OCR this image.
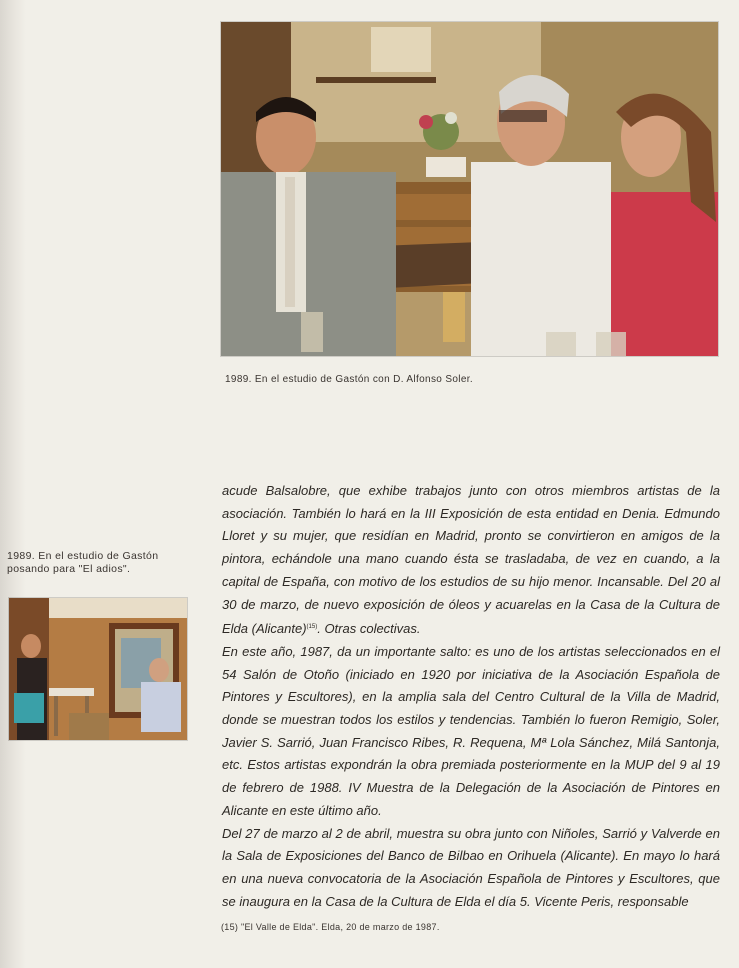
1989. En el estudio de Gastón con D. Alfonso Soler.
1989. En el estudio de Gastón
posando para "El adios".

acude Balsalobre, que exhibe trabajos junto con otros miembros artistas de la asociación. También lo hará en la III Exposición de esta entidad en Denia. Edmundo Lloret y su mujer, que residían en Madrid, pronto se convirtieron en amigos de la pintora, echándole una mano cuando ésta se trasladaba, de vez en cuando, a la capital de España, con motivo de los estudios de su hijo menor. Incansable. Del 20 al 30 de marzo, de nuevo exposición de óleos y acuarelas en la Casa de la Cultura de Elda (Alicante)$^{(15)}$. Otras colectivas.

En este año, 1987, da un importante salto: es uno de los artistas seleccionados en el 54 Salón de Otoño (iniciado en 1920 por iniciativa de la Asociación Española de Pintores y Escultores), en la amplia sala del Centro Cultural de la Villa de Madrid, donde se muestran todos los estilos y tendencias. También lo fueron Remigio, Soler, Javier S. Sarrió, Juan Francisco Ribes, R. Requena, Mª Lola Sánchez, Milá Santonja, etc. Estos artistas expondrán la obra premiada posteriormente en la MUP del 9 al 19 de febrero de 1988. IV Muestra de la Delegación de la Asociación de Pintores en Alicante en este último año.

Del 27 de marzo al 2 de abril, muestra su obra junto con Niñoles, Sarrió y Valverde en la Sala de Exposiciones del Banco de Bilbao en Orihuela (Alicante). En mayo lo hará en una nueva convocatoria de la Asociación Española de Pintores y Escultores, que se inaugura en la Casa de la Cultura de Elda el día 5. Vicente Peris, responsable

(15) "El Valle de Elda". Elda, 20 de marzo de 1987.
